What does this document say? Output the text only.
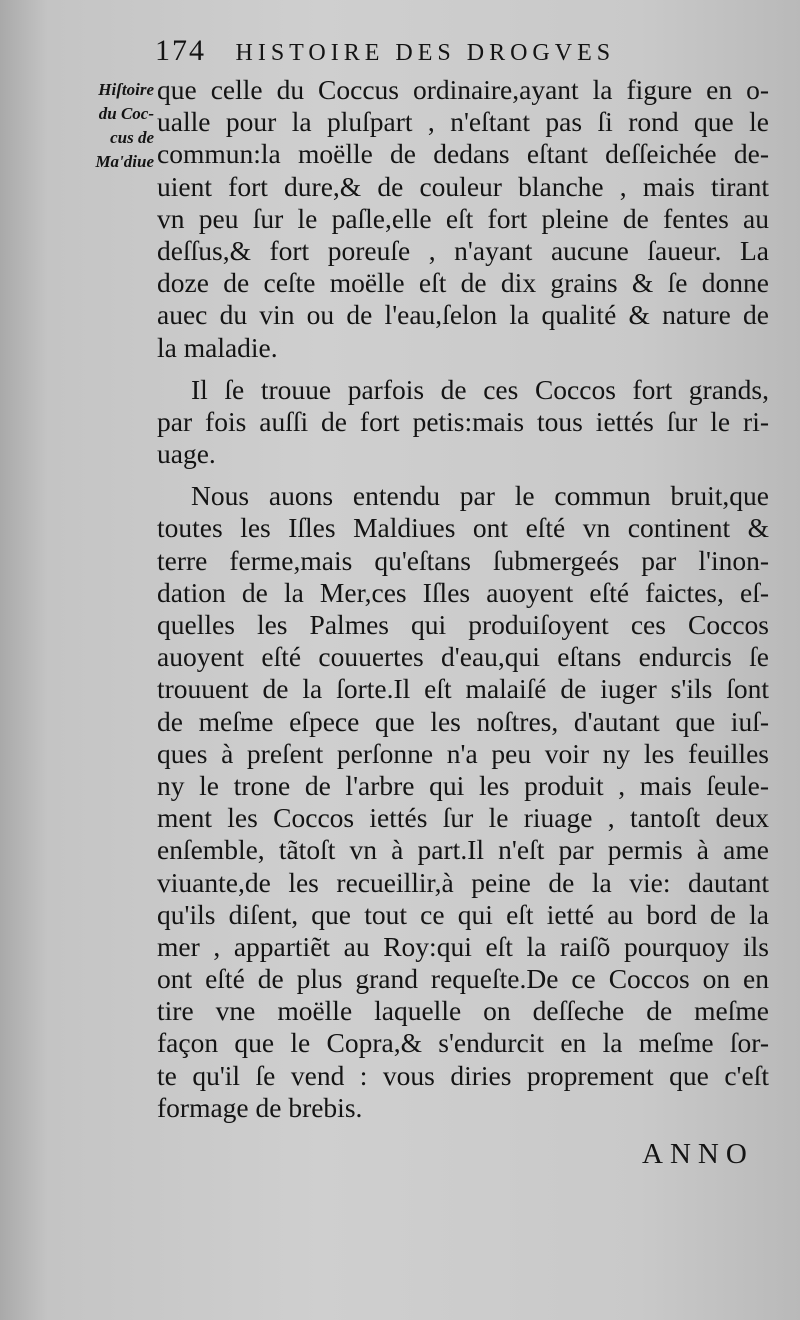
174 HISTOIRE DES DROGVES
Hiſtoire
du Coc-
cus de
Ma'diue
que celle du Coccus ordinaire,ayant la figure en o-
ualle pour la pluſpart , n'eſtant pas ſi rond que le
commun:la moëlle de dedans eſtant deſſeichée de-
uient fort dure,& de couleur blanche , mais tirant
vn peu ſur le paſle,elle eſt fort pleine de fentes au
deſſus,& fort poreuſe , n'ayant aucune ſaueur. La
doze de ceſte moëlle eſt de dix grains & ſe donne
auec du vin ou de l'eau,ſelon la qualité & nature de
la maladie.
Il ſe trouue parfois de ces Coccos fort grands,
par fois auſſi de fort petis:mais tous iettés ſur le ri-
uage.
Nous auons entendu par le commun bruit,que
toutes les Iſles Maldiues ont eſté vn continent &
terre ferme,mais qu'eſtans ſubmergeés par l'inon-
dation de la Mer,ces Iſles auoyent eſté faictes, eſ-
quelles les Palmes qui produiſoyent ces Coccos
auoyent eſté couuertes d'eau,qui eſtans endurcis ſe
trouuent de la ſorte.Il eſt malaiſé de iuger s'ils ſont
de meſme eſpece que les noſtres, d'autant que iuſ-
ques à preſent perſonne n'a peu voir ny les feuilles
ny le trone de l'arbre qui les produit , mais ſeule-
ment les Coccos iettés ſur le riuage , tantoſt deux
enſemble, tãtoſt vn à part.Il n'eſt par permis à ame
viuante,de les recueillir,à peine de la vie: dautant
qu'ils diſent, que tout ce qui eſt ietté au bord de la
mer , appartiẽt au Roy:qui eſt la raiſõ pourquoy ils
ont eſté de plus grand requeſte.De ce Coccos on en
tire vne moëlle laquelle on deſſeche de meſme
façon que le Copra,& s'endurcit en la meſme ſor-
te qu'il ſe vend : vous diries proprement que c'eſt
formage de brebis.
ANNO
